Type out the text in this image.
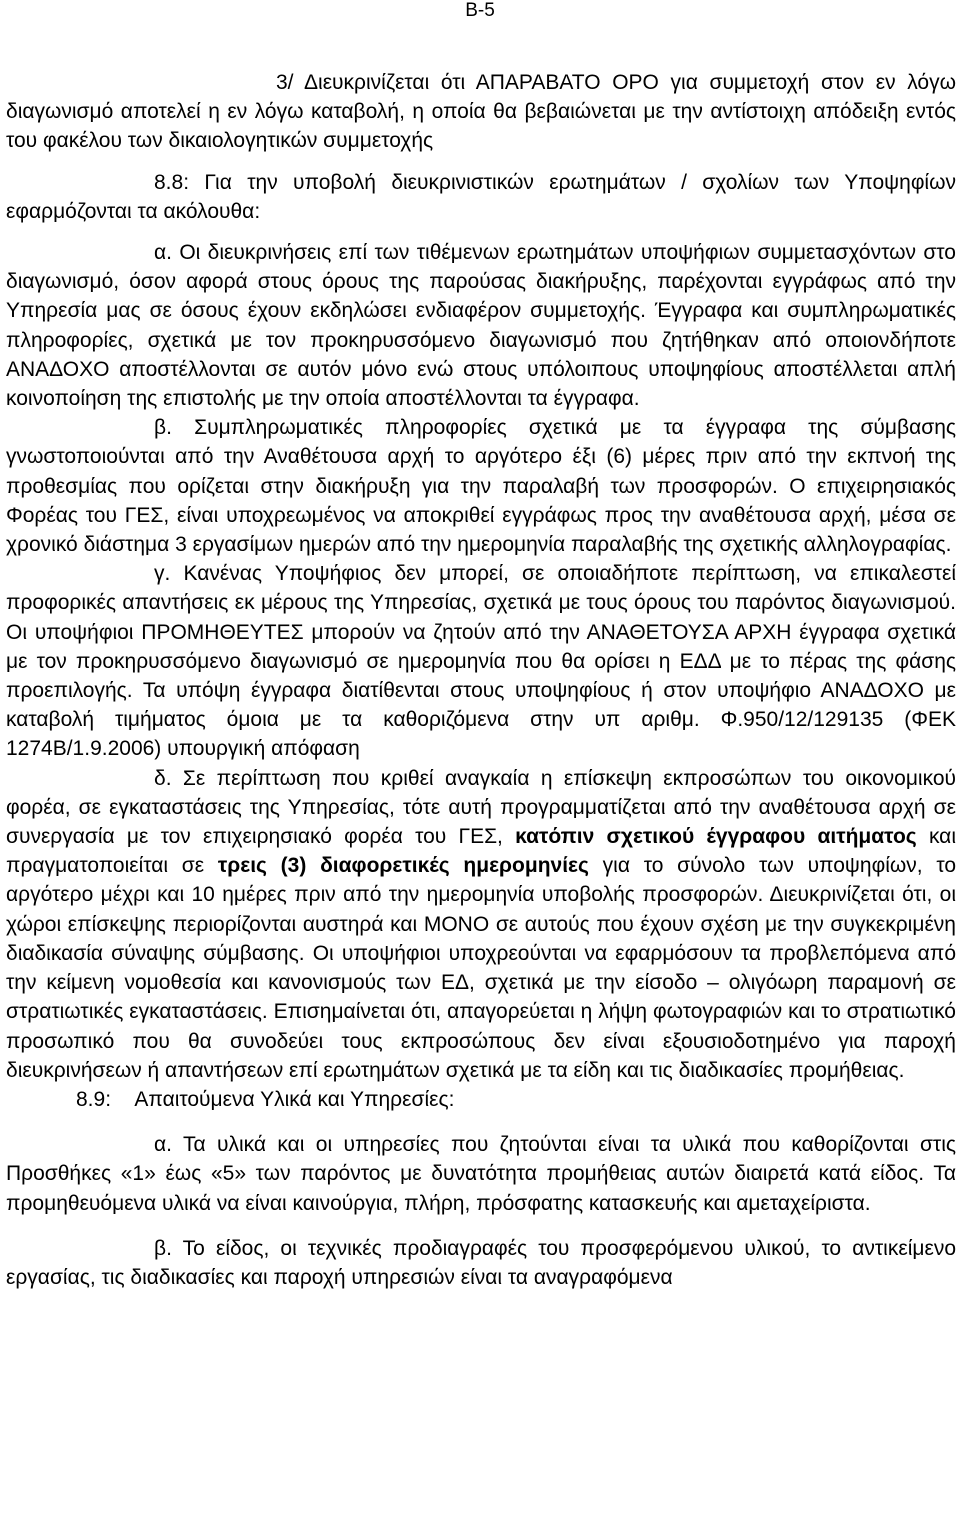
Β-5

3/ Διευκρινίζεται ότι ΑΠΑΡΑΒΑΤΟ ΟΡΟ για συμμετοχή στον εν λόγω διαγωνισμό αποτελεί η εν λόγω καταβολή, η οποία θα βεβαιώνεται με την αντίστοιχη απόδειξη εντός του φακέλου των δικαιολογητικών συμμετοχής

8.8: Για την υποβολή διευκρινιστικών ερωτημάτων / σχολίων των Υποψηφίων εφαρμόζονται τα ακόλουθα:

α. Οι διευκρινήσεις επί των τιθέμενων ερωτημάτων υποψήφιων συμμετασχόντων στο διαγωνισμό, όσον αφορά στους όρους της παρούσας διακήρυξης, παρέχονται εγγράφως από την Υπηρεσία μας σε όσους έχουν εκδηλώσει ενδιαφέρον συμμετοχής. Έγγραφα και συμπληρωματικές πληροφορίες, σχετικά με τον προκηρυσσόμενο διαγωνισμό που ζητήθηκαν από οποιονδήποτε ΑΝΑΔΟΧΟ αποστέλλονται σε αυτόν μόνο ενώ στους υπόλοιπους υποψηφίους αποστέλλεται απλή κοινοποίηση της επιστολής με την οποία αποστέλλονται τα έγγραφα.

β. Συμπληρωματικές πληροφορίες σχετικά με τα έγγραφα της σύμβασης γνωστοποιούνται από την Αναθέτουσα αρχή το αργότερο έξι (6) μέρες πριν από την εκπνοή της προθεσμίας που ορίζεται στην διακήρυξη για την παραλαβή των προσφορών. Ο επιχειρησιακός Φορέας του ΓΕΣ, είναι υποχρεωμένος να αποκριθεί εγγράφως προς την αναθέτουσα αρχή, μέσα σε χρονικό διάστημα 3 εργασίμων ημερών από την ημερομηνία παραλαβής της σχετικής αλληλογραφίας.

γ. Κανένας Υποψήφιος δεν μπορεί, σε οποιαδήποτε περίπτωση, να επικαλεστεί προφορικές απαντήσεις εκ μέρους της Υπηρεσίας, σχετικά με τους όρους του παρόντος διαγωνισμού. Οι υποψήφιοι ΠΡΟΜΗΘΕΥΤΕΣ μπορούν να ζητούν από την ΑΝΑΘΕΤΟΥΣΑ ΑΡΧΗ έγγραφα σχετικά με τον προκηρυσσόμενο διαγωνισμό σε ημερομηνία που θα ορίσει η ΕΔΔ με το πέρας της φάσης προεπιλογής. Τα υπόψη έγγραφα διατίθενται στους υποψηφίους ή στον υποψήφιο ΑΝΑΔΟΧΟ με καταβολή τιμήματος όμοια με τα καθοριζόμενα στην υπ αριθμ. Φ.950/12/129135 (ΦΕΚ 1274Β/1.9.2006) υπουργική απόφαση

δ. Σε περίπτωση που κριθεί αναγκαία η επίσκεψη εκπροσώπων του οικονομικού φορέα, σε εγκαταστάσεις της Υπηρεσίας, τότε αυτή προγραμματίζεται από την αναθέτουσα αρχή σε συνεργασία με τον επιχειρησιακό φορέα του ΓΕΣ, κατόπιν σχετικού έγγραφου αιτήματος και πραγματοποιείται σε τρεις (3) διαφορετικές ημερομηνίες για το σύνολο των υποψηφίων, το αργότερο μέχρι και 10 ημέρες πριν από την ημερομηνία υποβολής προσφορών. Διευκρινίζεται ότι, οι χώροι επίσκεψης περιορίζονται αυστηρά και ΜΟΝΟ σε αυτούς που έχουν σχέση με την συγκεκριμένη διαδικασία σύναψης σύμβασης. Οι υποψήφιοι υποχρεούνται να εφαρμόσουν τα προβλεπόμενα από την κείμενη νομοθεσία και κανονισμούς των ΕΔ, σχετικά με την είσοδο – ολιγόωρη παραμονή σε στρατιωτικές εγκαταστάσεις. Επισημαίνεται ότι, απαγορεύεται η λήψη φωτογραφιών και το στρατιωτικό προσωπικό που θα συνοδεύει τους εκπροσώπους δεν είναι εξουσιοδοτημένο για παροχή διευκρινήσεων ή απαντήσεων επί ερωτημάτων σχετικά με τα είδη και τις διαδικασίες προμήθειας.

8.9: Απαιτούμενα Υλικά και Υπηρεσίες:

α. Τα υλικά και οι υπηρεσίες που ζητούνται είναι τα υλικά που καθορίζονται στις Προσθήκες «1» έως «5» των παρόντος με δυνατότητα προμήθειας αυτών διαιρετά κατά είδος. Τα προμηθευόμενα υλικά να είναι καινούργια, πλήρη, πρόσφατης κατασκευής και αμεταχείριστα.

β. Το είδος, οι τεχνικές προδιαγραφές του προσφερόμενου υλικού, το αντικείμενο εργασίας, τις διαδικασίες και παροχή υπηρεσιών είναι τα αναγραφόμενα
